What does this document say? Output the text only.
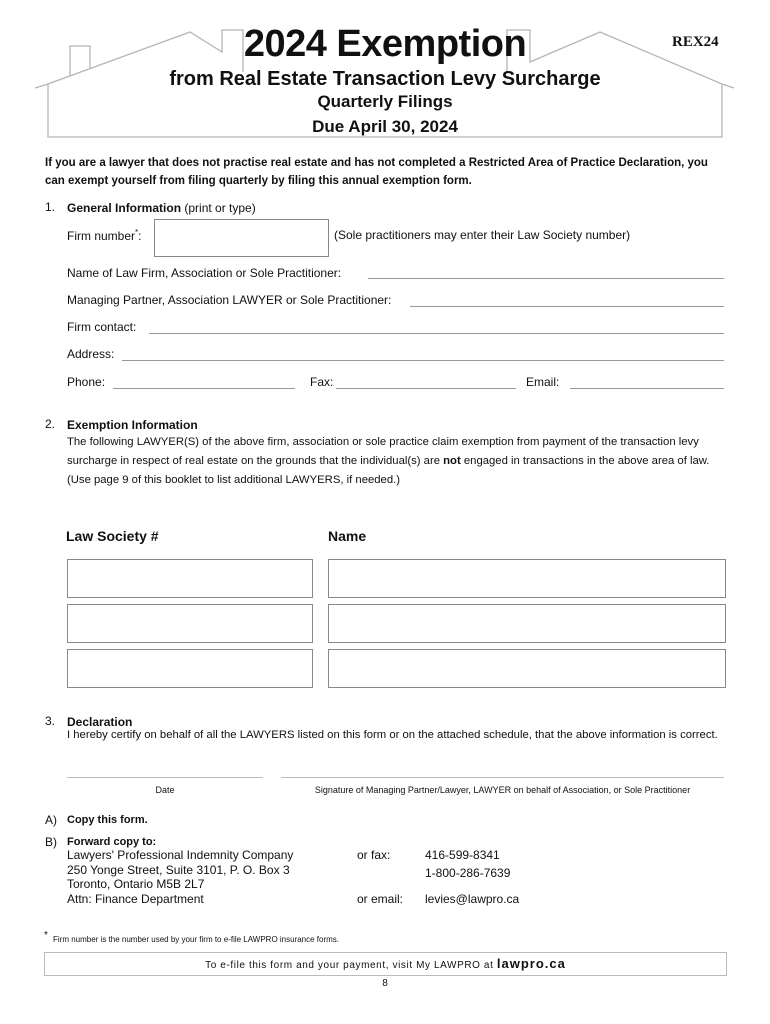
2024 Exemption
from Real Estate Transaction Levy Surcharge
Quarterly Filings
Due April 30, 2024
REX24
If you are a lawyer that does not practise real estate and has not completed a Restricted Area of Practice Declaration, you can exempt yourself from filing quarterly by filing this annual exemption form.
1. General Information (print or type)
Firm number*:	(Sole practitioners may enter their Law Society number)
Name of Law Firm, Association or Sole Practitioner:
Managing Partner, Association LAWYER or Sole Practitioner:
Firm contact:
Address:
Phone:	Fax:	Email:
2. Exemption Information
The following LAWYER(S) of the above firm, association or sole practice claim exemption from payment of the transaction levy
surcharge in respect of real estate on the grounds that the individual(s) are not engaged in transactions in the above area of law.
(Use page 9 of this booklet to list additional LAWYERS, if needed.)
Law Society #	Name
3. Declaration
I hereby certify on behalf of all the LAWYERS listed on this form or on the attached schedule, that the above information is correct.
Date	Signature of Managing Partner/Lawyer, LAWYER on behalf of Association, or Sole Practitioner
A) Copy this form.
B) Forward copy to:
Lawyers' Professional Indemnity Company
250 Yonge Street, Suite 3101, P. O. Box 3
Toronto, Ontario M5B 2L7
Attn: Finance Department
or fax:	416-599-8341
1-800-286-7639
or email: levies@lawpro.ca
* Firm number is the number used by your firm to e-file LAWPRO insurance forms.
To e-file this form and your payment, visit My LAWPRO at lawpro.ca
8
